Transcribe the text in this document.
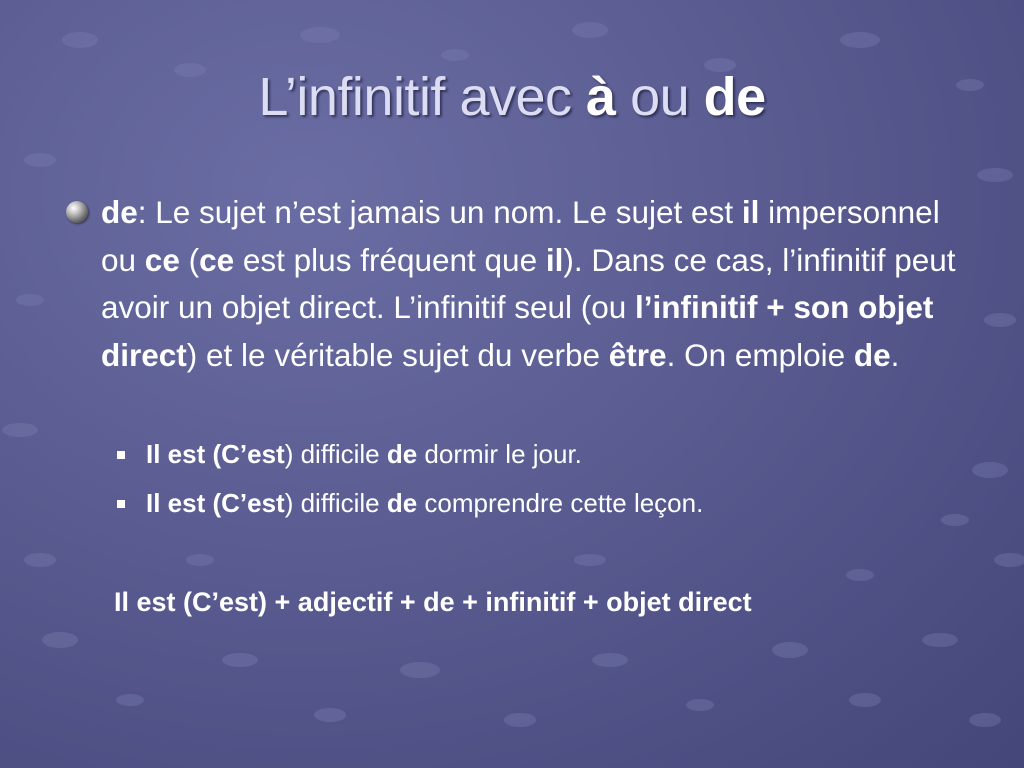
L’infinitif avec à ou de

de: Le sujet n’est jamais un nom. Le sujet est il impersonnel ou ce (ce est plus fréquent que il). Dans ce cas, l’infinitif peut avoir un objet direct. L’infinitif seul (ou l’infinitif + son objet direct) et le véritable sujet du verbe être. On emploie de.

Il est (C’est) difficile de dormir le jour.

Il est (C’est) difficile de comprendre cette leçon.

Il est (C’est) + adjectif + de + infinitif + objet direct
